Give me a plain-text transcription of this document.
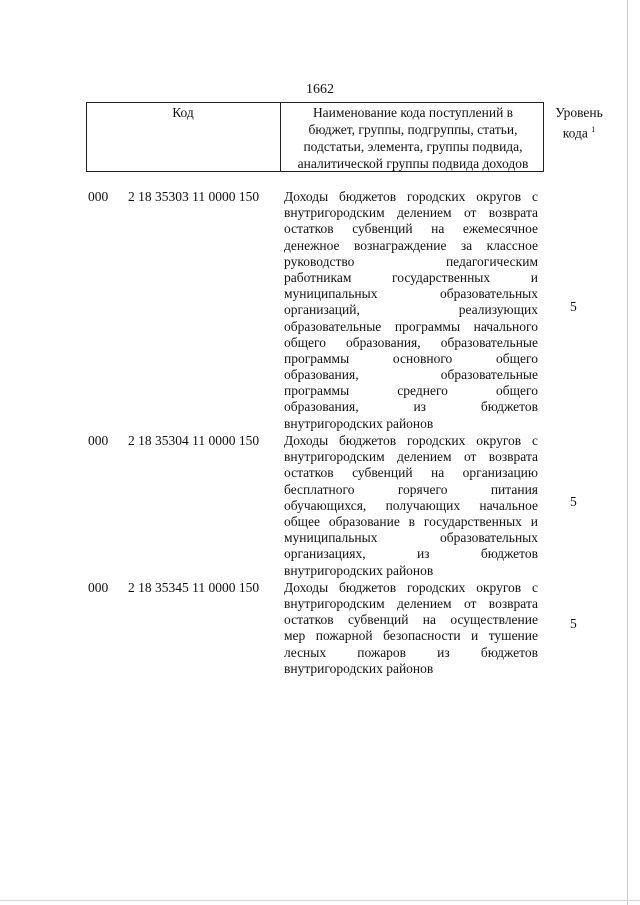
1662
Код	Наименование кода поступлений в
бюджет, группы, подгруппы, статьи,
подстатьи, элемента, группы подвида,
аналитической группы подвида доходов
Уровень
кода $^1$
000 2 18 35303 11 0000 150 Доходы бюджетов городских округов с
внутригородским делением от возврата
остатков субвенций на ежемесячное
денежное вознаграждение за классное
руководство педагогическим
работникам государственных и
муниципальных образовательных
организаций, реализующих
образовательные программы начального
общего образования, образовательные
программы основного общего
образования, образовательные
программы среднего общего
образования, из бюджетов
внутригородских районов
5
000 2 18 35304 11 0000 150 Доходы бюджетов городских округов с
внутригородским делением от возврата
остатков субвенций на организацию
бесплатного горячего питания
обучающихся, получающих начальное
общее образование в государственных и
муниципальных образовательных
организациях, из бюджетов
внутригородских районов
5
000 2 18 35345 11 0000 150 Доходы бюджетов городских округов с
внутригородским делением от возврата
остатков субвенций на осуществление
мер пожарной безопасности и тушение
лесных пожаров из бюджетов
внутригородских районов
5
